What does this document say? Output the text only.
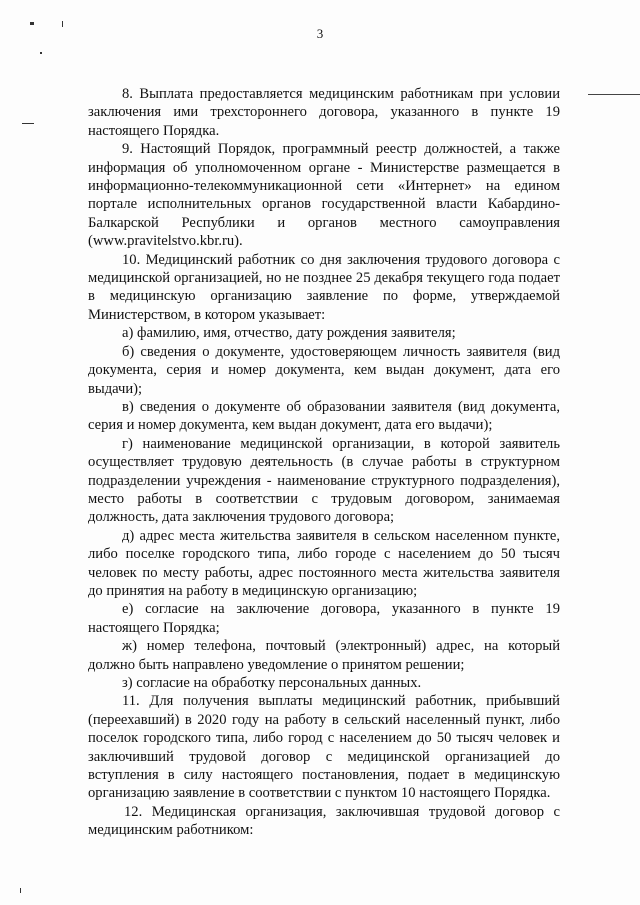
3

8. Выплата предоставляется медицинским работникам при условии заключения ими трехстороннего договора, указанного в пункте 19 настоящего Порядка.

9. Настоящий Порядок, программный реестр должностей, а также информация об уполномоченном органе - Министерстве размещается в информационно-телекоммуникационной сети «Интернет» на едином портале исполнительных органов государственной власти Кабардино-Балкарской Республики и органов местного самоуправления (www.pravitelstvo.kbr.ru).

10. Медицинский работник со дня заключения трудового договора с медицинской организацией, но не позднее 25 декабря текущего года подает в медицинскую организацию заявление по форме, утверждаемой Министерством, в котором указывает:

а) фамилию, имя, отчество, дату рождения заявителя;

б) сведения о документе, удостоверяющем личность заявителя (вид документа, серия и номер документа, кем выдан документ, дата его выдачи);

в) сведения о документе об образовании заявителя (вид документа, серия и номер документа, кем выдан документ, дата его выдачи);

г) наименование медицинской организации, в которой заявитель осуществляет трудовую деятельность (в случае работы в структурном подразделении учреждения - наименование структурного подразделения), место работы в соответствии с трудовым договором, занимаемая должность, дата заключения трудового договора;

д) адрес места жительства заявителя в сельском населенном пункте, либо поселке городского типа, либо городе с населением до 50 тысяч человек по месту работы, адрес постоянного места жительства заявителя до принятия на работу в медицинскую организацию;

е) согласие на заключение договора, указанного в пункте 19 настоящего Порядка;

ж) номер телефона, почтовый (электронный) адрес, на который должно быть направлено уведомление о принятом решении;

з) согласие на обработку персональных данных.

11. Для получения выплаты медицинский работник, прибывший (переехавший) в 2020 году на работу в сельский населенный пункт, либо поселок городского типа, либо город с населением до 50 тысяч человек и заключивший трудовой договор с медицинской организацией до вступления в силу настоящего постановления, подает в медицинскую организацию заявление в соответствии с пунктом 10 настоящего Порядка.

12. Медицинская организация, заключившая трудовой договор с медицинским работником:
